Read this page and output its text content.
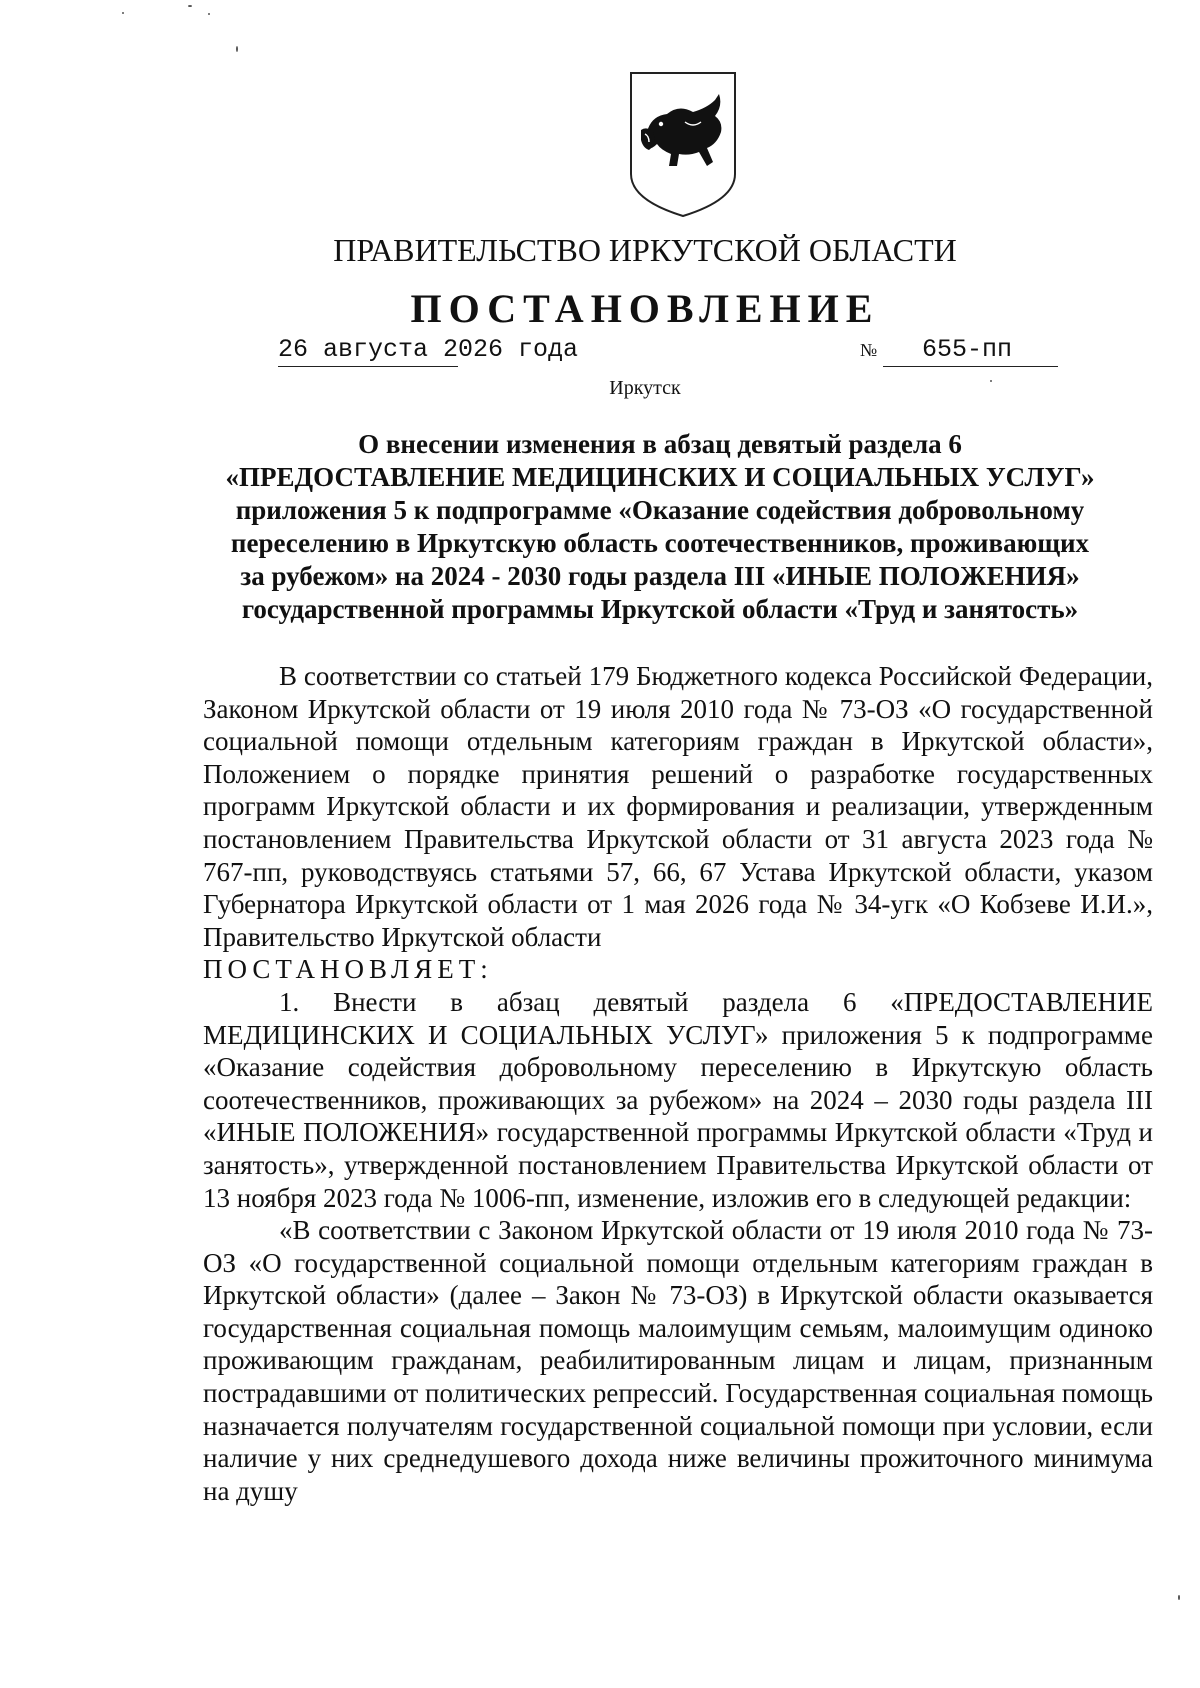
ПРАВИТЕЛЬСТВО ИРКУТСКОЙ ОБЛАСТИ
ПОСТАНОВЛЕНИЕ
26 августа 2026 года	№ 655-пп
Иркутск
О внесении изменения в абзац девятый раздела 6
«ПРЕДОСТАВЛЕНИЕ МЕДИЦИНСКИХ И СОЦИАЛЬНЫХ УСЛУГ»
приложения 5 к подпрограмме «Оказание содействия добровольному
переселению в Иркутскую область соотечественников, проживающих
за рубежом» на 2024 - 2030 годы раздела III «ИНЫЕ ПОЛОЖЕНИЯ»
государственной программы Иркутской области «Труд и занятость»

В соответствии со статьей 179 Бюджетного кодекса Российской Федерации, Законом Иркутской области от 19 июля 2010 года № 73-ОЗ «О государственной социальной помощи отдельным категориям граждан в Иркутской области», Положением о порядке принятия решений о разработке государственных программ Иркутской области и их формирования и реализации, утвержденным постановлением Правительства Иркутской области от 31 августа 2023 года № 767-пп, руководствуясь статьями 57, 66, 67 Устава Иркутской области, указом Губернатора Иркутской области от 1 мая 2026 года № 34-угк «О Кобзеве И.И.», Правительство Иркутской области

ПОСТАНОВЛЯЕТ:

1. Внести в абзац девятый раздела 6 «ПРЕДОСТАВЛЕНИЕ МЕДИЦИНСКИХ И СОЦИАЛЬНЫХ УСЛУГ» приложения 5 к подпрограмме «Оказание содействия добровольному переселению в Иркутскую область соотечественников, проживающих за рубежом» на 2024 – 2030 годы раздела III «ИНЫЕ ПОЛОЖЕНИЯ» государственной программы Иркутской области «Труд и занятость», утвержденной постановлением Правительства Иркутской области от 13 ноября 2023 года № 1006-пп, изменение, изложив его в следующей редакции:

«В соответствии с Законом Иркутской области от 19 июля 2010 года № 73-ОЗ «О государственной социальной помощи отдельным категориям граждан в Иркутской области» (далее – Закон № 73-ОЗ) в Иркутской области оказывается государственная социальная помощь малоимущим семьям, малоимущим одиноко проживающим гражданам, реабилитированным лицам и лицам, признанным пострадавшими от политических репрессий. Государственная социальная помощь назначается получателям государственной социальной помощи при условии, если наличие у них среднедушевого дохода ниже величины прожиточного минимума на душу
